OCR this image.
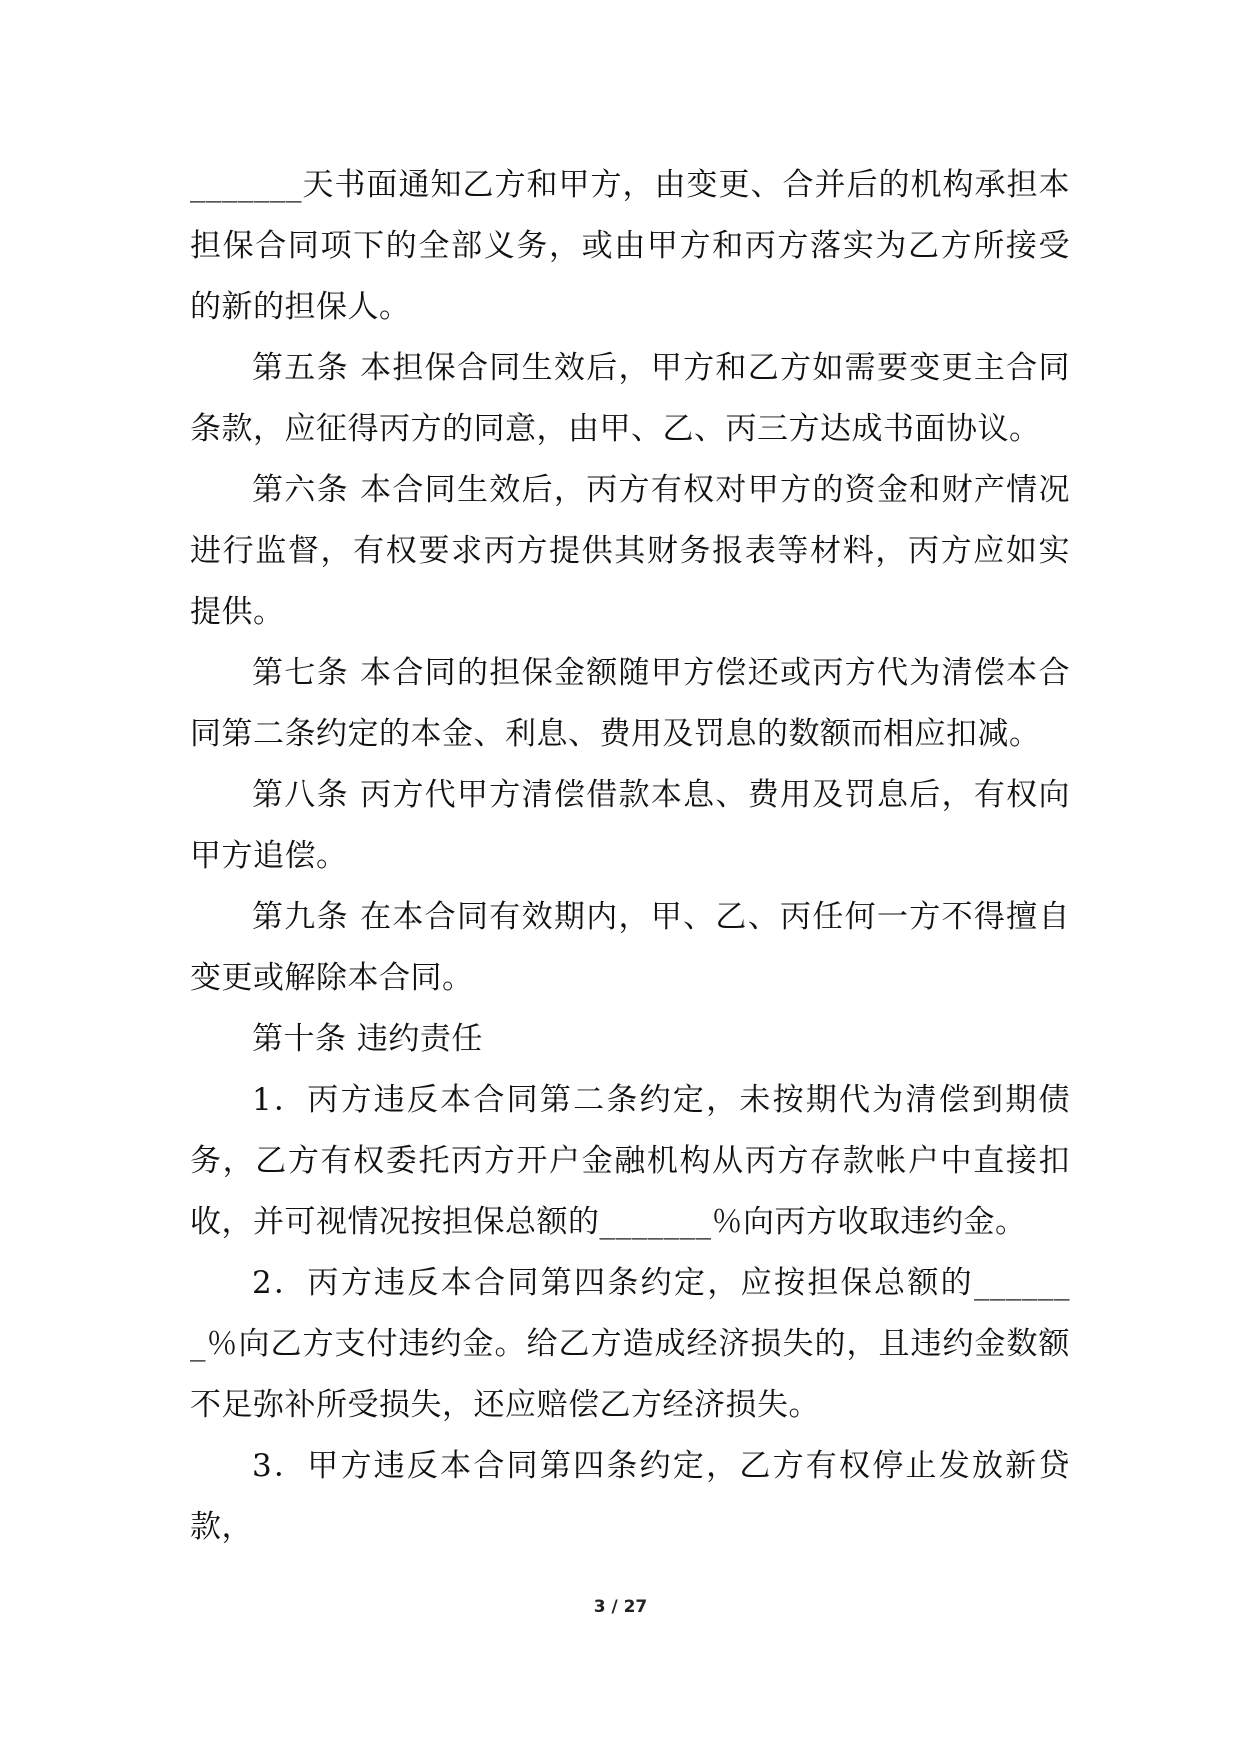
_______天书面通知乙方和甲方，由变更、合并后的机构承担本担保合同项下的全部义务，或由甲方和丙方落实为乙方所接受的新的担保人。

第五条 本担保合同生效后，甲方和乙方如需要变更主合同条款，应征得丙方的同意，由甲、乙、丙三方达成书面协议。

第六条 本合同生效后，丙方有权对甲方的资金和财产情况进行监督，有权要求丙方提供其财务报表等材料，丙方应如实提供。

第七条 本合同的担保金额随甲方偿还或丙方代为清偿本合同第二条约定的本金、利息、费用及罚息的数额而相应扣减。

第八条 丙方代甲方清偿借款本息、费用及罚息后，有权向甲方追偿。

第九条 在本合同有效期内，甲、乙、丙任何一方不得擅自变更或解除本合同。

第十条 违约责任

1．丙方违反本合同第二条约定，未按期代为清偿到期债务，乙方有权委托丙方开户金融机构从丙方存款帐户中直接扣收，并可视情况按担保总额的_______％向丙方收取违约金。

2．丙方违反本合同第四条约定，应按担保总额的_______％向乙方支付违约金。给乙方造成经济损失的，且违约金数额不足弥补所受损失，还应赔偿乙方经济损失。

3．甲方违反本合同第四条约定，乙方有权停止发放新贷款，

3 / 27
